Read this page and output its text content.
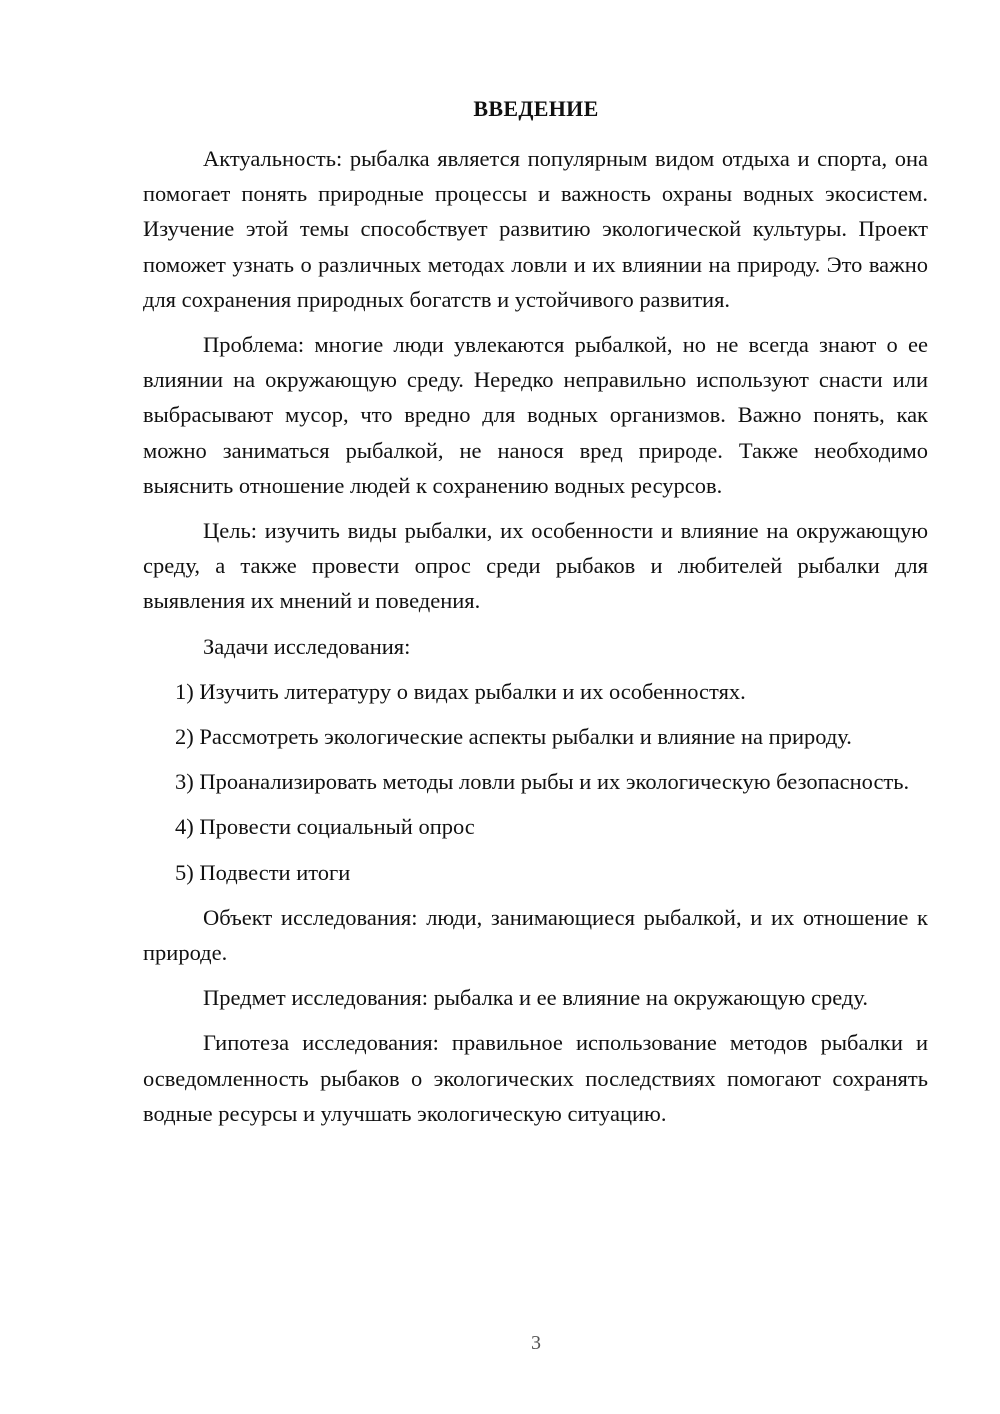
ВВЕДЕНИЕ

Актуальность: рыбалка является популярным видом отдыха и спорта, она помогает понять природные процессы и важность охраны водных экосистем. Изучение этой темы способствует развитию экологической культуры. Проект поможет узнать о различных методах ловли и их влиянии на природу. Это важно для сохранения природных богатств и устойчивого развития.

Проблема: многие люди увлекаются рыбалкой, но не всегда знают о ее влиянии на окружающую среду. Нередко неправильно используют снасти или выбрасывают мусор, что вредно для водных организмов. Важно понять, как можно заниматься рыбалкой, не нанося вред природе. Также необходимо выяснить отношение людей к сохранению водных ресурсов.

Цель: изучить виды рыбалки, их особенности и влияние на окружающую среду, а также провести опрос среди рыбаков и любителей рыбалки для выявления их мнений и поведения.

Задачи исследования:

1) Изучить литературу о видах рыбалки и их особенностях.

2) Рассмотреть экологические аспекты рыбалки и влияние на природу.

3) Проанализировать методы ловли рыбы и их экологическую безопасность.

4) Провести социальный опрос

5) Подвести итоги

Объект исследования: люди, занимающиеся рыбалкой, и их отношение к природе.

Предмет исследования: рыбалка и ее влияние на окружающую среду.

Гипотеза исследования: правильное использование методов рыбалки и осведомленность рыбаков о экологических последствиях помогают сохранять водные ресурсы и улучшать экологическую ситуацию.

3
